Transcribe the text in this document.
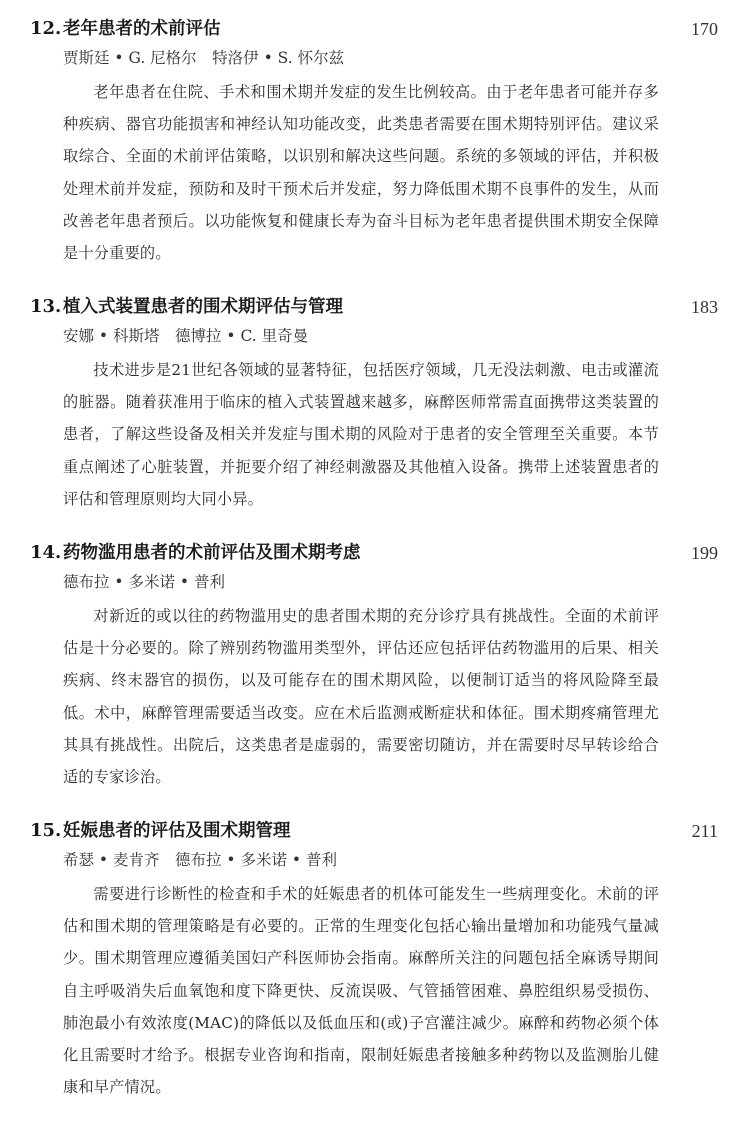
12. 老年患者的术前评估	170
贾斯廷 • G. 尼格尔　特洛伊 • S. 怀尔兹

老年患者在住院、手术和围术期并发症的发生比例较高。由于老年患者可能并存多种疾病、器官功能损害和神经认知功能改变，此类患者需要在围术期特别评估。建议采取综合、全面的术前评估策略，以识别和解决这些问题。系统的多领域的评估，并积极处理术前并发症，预防和及时干预术后并发症，努力降低围术期不良事件的发生，从而改善老年患者预后。以功能恢复和健康长寿为奋斗目标为老年患者提供围术期安全保障是十分重要的。

13. 植入式装置患者的围术期评估与管理	183
安娜 • 科斯塔　德博拉 • C. 里奇曼

技术进步是21世纪各领域的显著特征，包括医疗领域，几无没法刺激、电击或灌流的脏器。随着获准用于临床的植入式装置越来越多，麻醉医师常需直面携带这类装置的患者，了解这些设备及相关并发症与围术期的风险对于患者的安全管理至关重要。本节重点阐述了心脏装置，并扼要介绍了神经刺激器及其他植入设备。携带上述装置患者的评估和管理原则均大同小异。

14. 药物滥用患者的术前评估及围术期考虑	199
德布拉 • 多米诺 • 普利

对新近的或以往的药物滥用史的患者围术期的充分诊疗具有挑战性。全面的术前评估是十分必要的。除了辨别药物滥用类型外，评估还应包括评估药物滥用的后果、相关疾病、终末器官的损伤，以及可能存在的围术期风险，以便制订适当的将风险降至最低。术中，麻醉管理需要适当改变。应在术后监测戒断症状和体征。围术期疼痛管理尤其具有挑战性。出院后，这类患者是虚弱的，需要密切随访，并在需要时尽早转诊给合适的专家诊治。

15. 妊娠患者的评估及围术期管理	211
希瑟 • 麦肯齐　德布拉 • 多米诺 • 普利

需要进行诊断性的检查和手术的妊娠患者的机体可能发生一些病理变化。术前的评估和围术期的管理策略是有必要的。正常的生理变化包括心输出量增加和功能残气量减少。围术期管理应遵循美国妇产科医师协会指南。麻醉所关注的问题包括全麻诱导期间自主呼吸消失后血氧饱和度下降更快、反流误吸、气管插管困难、鼻腔组织易受损伤、肺泡最小有效浓度(MAC)的降低以及低血压和(或)子宫灌注减少。麻醉和药物必须个体化且需要时才给予。根据专业咨询和指南，限制妊娠患者接触多种药物以及监测胎儿健康和早产情况。
